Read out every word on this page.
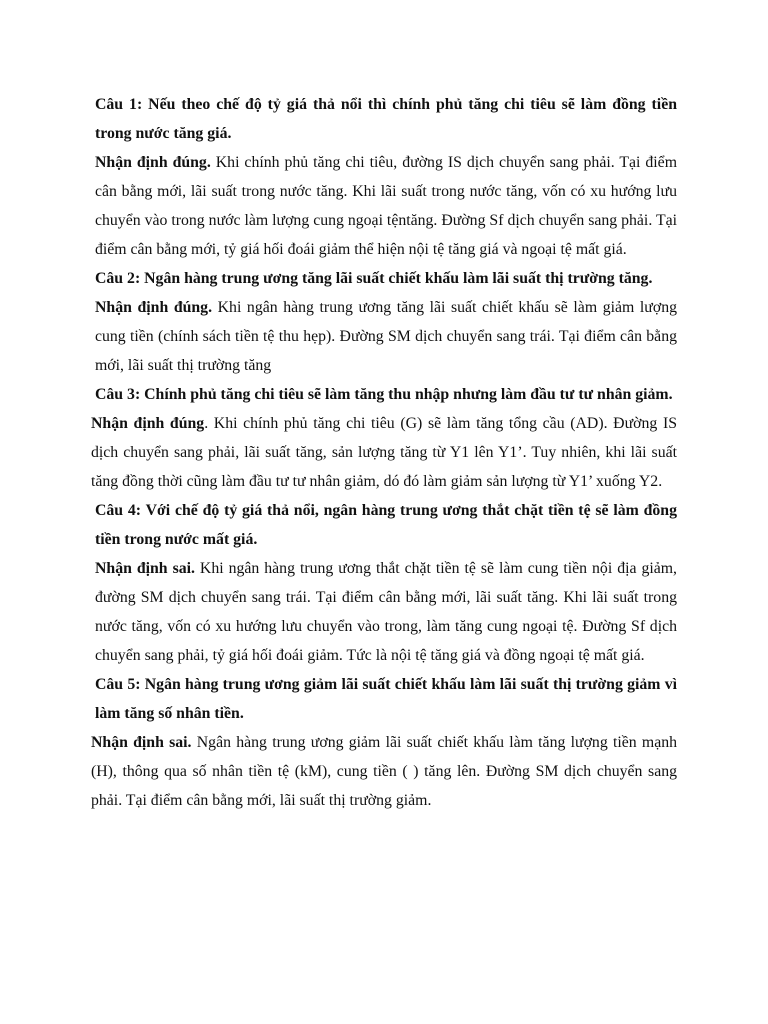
Câu 1: Nếu theo chế độ tỷ giá thả nổi thì chính phủ tăng chi tiêu sẽ làm đồng tiền trong nước tăng giá.

Nhận định đúng. Khi chính phủ tăng chi tiêu, đường IS dịch chuyển sang phải. Tại điểm cân bằng mới, lãi suất trong nước tăng. Khi lãi suất trong nước tăng, vốn có xu hướng lưu chuyển vào trong nước làm lượng cung ngoại tệntăng. Đường Sf dịch chuyển sang phải. Tại điểm cân bằng mới, tỷ giá hối đoái giảm thể hiện nội tệ tăng giá và ngoại tệ mất giá.

Câu 2: Ngân hàng trung ương tăng lãi suất chiết khấu làm lãi suất thị trường tăng.

Nhận định đúng. Khi ngân hàng trung ương tăng lãi suất chiết khấu sẽ làm giảm lượng cung tiền (chính sách tiền tệ thu hẹp). Đường SM dịch chuyển sang trái. Tại điểm cân bằng mới, lãi suất thị trường tăng

Câu 3: Chính phủ tăng chi tiêu sẽ làm tăng thu nhập nhưng làm đầu tư tư nhân giảm.

Nhận định đúng. Khi chính phủ tăng chi tiêu (G) sẽ làm tăng tổng cầu (AD). Đường IS dịch chuyển sang phải, lãi suất tăng, sản lượng tăng từ Y1 lên Y1’. Tuy nhiên, khi lãi suất tăng đồng thời cũng làm đầu tư tư nhân giảm, dó đó làm giảm sản lượng từ Y1’ xuống Y2.

Câu 4: Với chế độ tỷ giá thả nổi, ngân hàng trung ương thắt chặt tiền tệ sẽ làm đồng tiền trong nước mất giá.

Nhận định sai. Khi ngân hàng trung ương thắt chặt tiền tệ sẽ làm cung tiền nội địa giảm, đường SM dịch chuyển sang trái. Tại điểm cân bằng mới, lãi suất tăng. Khi lãi suất trong nước tăng, vốn có xu hướng lưu chuyển vào trong, làm tăng cung ngoại tệ. Đường Sf dịch chuyển sang phải, tỷ giá hối đoái giảm. Tức là nội tệ tăng giá và đồng ngoại tệ mất giá.

Câu 5: Ngân hàng trung ương giảm lãi suất chiết khấu làm lãi suất thị trường giảm vì làm tăng số nhân tiền.

Nhận định sai. Ngân hàng trung ương giảm lãi suất chiết khấu làm tăng lượng tiền mạnh (H), thông qua số nhân tiền tệ (kM), cung tiền ( ) tăng lên. Đường SM dịch chuyển sang phải. Tại điểm cân bằng mới, lãi suất thị trường giảm.
